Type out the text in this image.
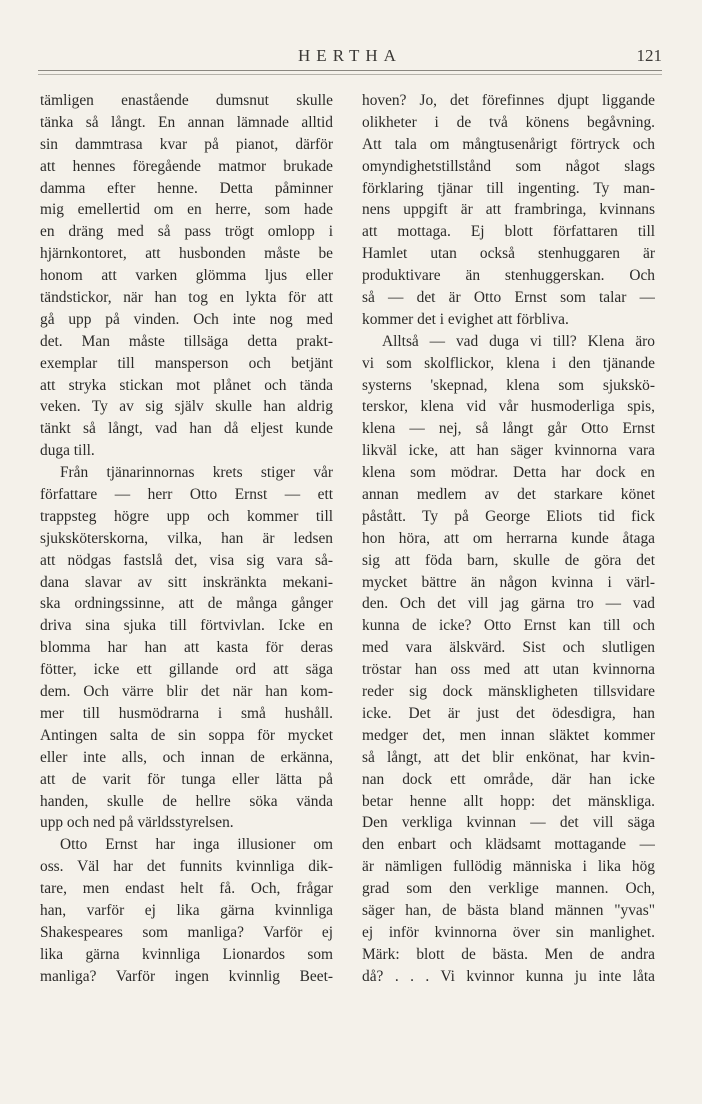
HERTHA	121
tämligen enastående dumsnut skulle
tänka så långt. En annan lämnade alltid
sin dammtrasa kvar på pianot, därför
att hennes föregående matmor brukade
damma efter henne. Detta påminner
mig emellertid om en herre, som hade
en dräng med så pass trögt omlopp i
hjärnkontoret, att husbonden måste be
honom att varken glömma ljus eller
tändstickor, när han tog en lykta för att
gå upp på vinden. Och inte nog med
det. Man måste tillsäga detta prakt-
exemplar till mansperson och betjänt
att stryka stickan mot plånet och tända
veken. Ty av sig själv skulle han aldrig
tänkt så långt, vad han då eljest kunde
duga till.
Från tjänarinnornas krets stiger vår
författare — herr Otto Ernst — ett
trappsteg högre upp och kommer till
sjuksköterskorna, vilka, han är ledsen
att nödgas fastslå det, visa sig vara så-
dana slavar av sitt inskränkta mekani-
ska ordningssinne, att de många gånger
driva sina sjuka till förtvivlan. Icke en
blomma har han att kasta för deras
fötter, icke ett gillande ord att säga
dem. Och värre blir det när han kom-
mer till husmödrarna i små hushåll.
Antingen salta de sin soppa för mycket
eller inte alls, och innan de erkänna,
att de varit för tunga eller lätta på
handen, skulle de hellre söka vända
upp och ned på världsstyrelsen.
Otto Ernst har inga illusioner om
oss. Väl har det funnits kvinnliga dik-
tare, men endast helt få. Och, frågar
han, varför ej lika gärna kvinnliga
Shakespeares som manliga? Varför ej
lika gärna kvinnliga Lionardos som
manliga? Varför ingen kvinnlig Beet-
hoven? Jo, det förefinnes djupt liggande
olikheter i de två könens begåvning.
Att tala om mångtusenårigt förtryck och
omyndighetstillstånd som något slags
förklaring tjänar till ingenting. Ty man-
nens uppgift är att frambringa, kvinnans
att mottaga. Ej blott författaren till
Hamlet utan också stenhuggaren är
produktivare än stenhuggerskan. Och
så — det är Otto Ernst som talar —
kommer det i evighet att förbliva.
Alltså — vad duga vi till? Klena äro
vi som skolflickor, klena i den tjänande
systerns 'skepnad, klena som sjukskö-
terskor, klena vid vår husmoderliga spis,
klena — nej, så långt går Otto Ernst
likväl icke, att han säger kvinnorna vara
klena som mödrar. Detta har dock en
annan medlem av det starkare könet
påstått. Ty på George Eliots tid fick
hon höra, att om herrarna kunde åtaga
sig att föda barn, skulle de göra det
mycket bättre än någon kvinna i värl-
den. Och det vill jag gärna tro — vad
kunna de icke? Otto Ernst kan till och
med vara älskvärd. Sist och slutligen
tröstar han oss med att utan kvinnorna
reder sig dock mänskligheten tillsvidare
icke. Det är just det ödesdigra, han
medger det, men innan släktet kommer
så långt, att det blir enkönat, har kvin-
nan dock ett område, där han icke
betar henne allt hopp: det mänskliga.
Den verkliga kvinnan — det vill säga
den enbart och klädsamt mottagande —
är nämligen fullödig människa i lika hög
grad som den verklige mannen. Och,
säger han, de bästa bland männen "yvas"
ej inför kvinnorna över sin manlighet.
Märk: blott de bästa. Men de andra
då? . . . Vi kvinnor kunna ju inte låta
